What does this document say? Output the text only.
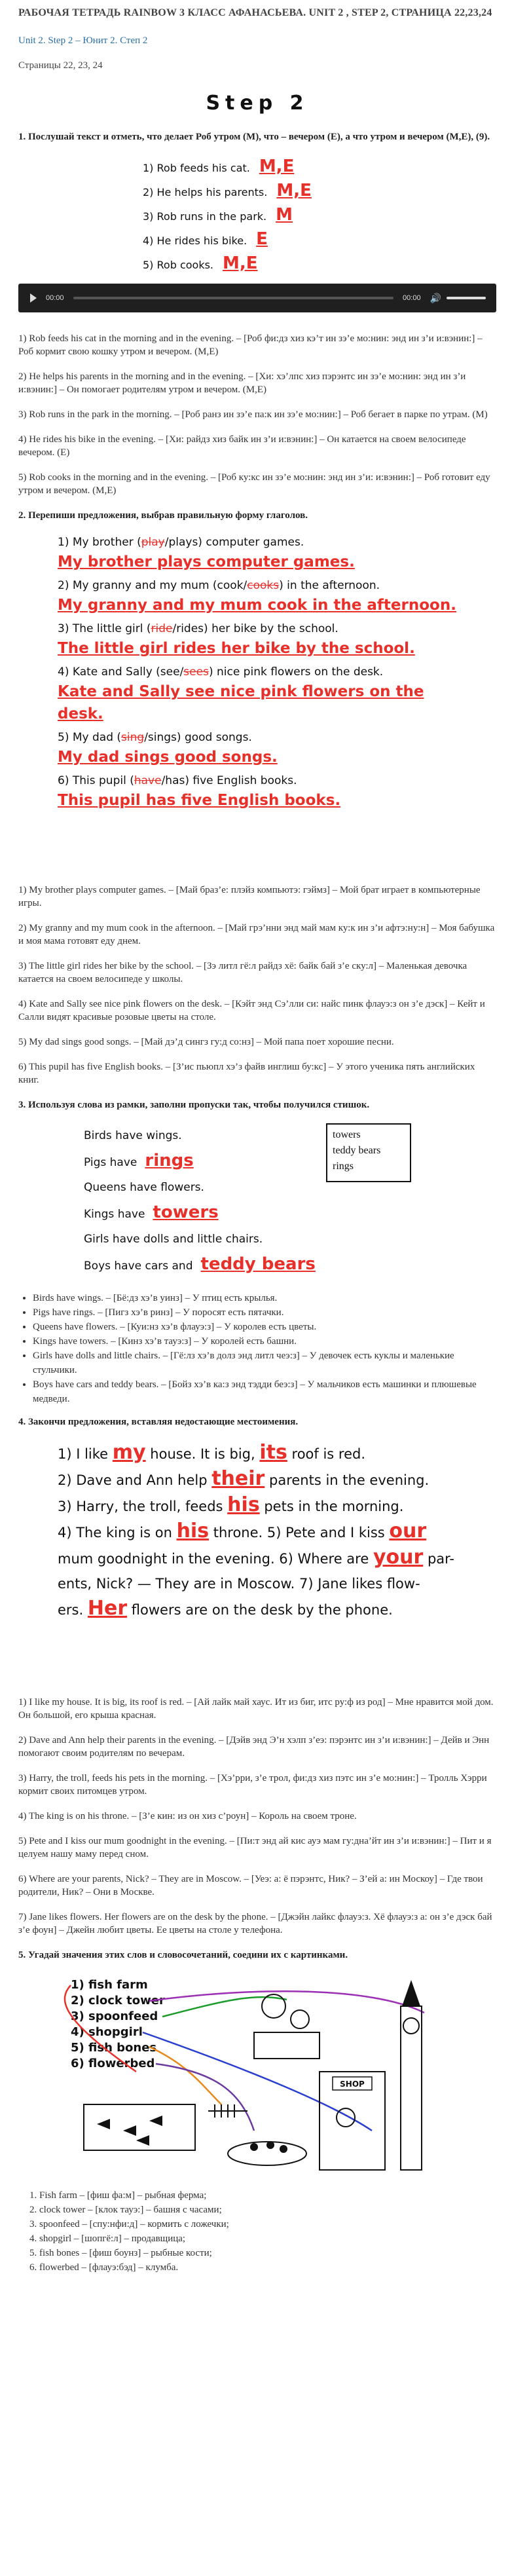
РАБОЧАЯ ТЕТРАДЬ RAINBOW 3 КЛАСС АФАНАСЬЕВА. UNIT 2 , STEP 2, СТРАНИЦА 22,23,24
Unit 2. Step 2 – Юнит 2. Степ 2
Страницы 22, 23, 24
Step 2
1. Послушай текст и отметь, что делает Роб утром (M), что – вечером (E), а что утром и вечером (M,E), (9).
1) Rob feeds his cat. M,E
2) He helps his parents. M,E
3) Rob runs in the park. M
4) He rides his bike. E
5) Rob cooks. M,E
00:00	00:00 🔊

1) Rob feeds his cat in the morning and in the evening. – [Роб фи:дз хиз кэ’т ин зэ’е мо:нин: энд ин з’и и:вэнин:] – Роб кормит свою кошку утром и вечером. (M,E)

2) He helps his parents in the morning and in the evening. – [Хи: хэ’лпс хиз пэрэнтс ин зэ’е мо:нин: энд ин з’и и:вэнин:] – Он помогает родителям утром и вечером. (M,E)

3) Rob runs in the park in the morning. – [Роб ранз ин зэ’е па:к ин зэ’е мо:нин:] – Роб бегает в парке по утрам. (M)

4) He rides his bike in the evening. – [Хи: райдз хиз байк ин з’и и:вэнин:] – Он катается на своем велосипеде вечером. (E)

5) Rob cooks in the morning and in the evening. – [Роб ку:кс ин зэ’е мо:нин: энд ин з’и: и:вэнин:] – Роб готовит еду утром и вечером. (M,E)

2. Перепиши предложения, выбрав правильную форму глаголов.
1) My brother (play/plays) computer games.
My brother plays computer games.
2) My granny and my mum (cook/cooks) in the afternoon.
My granny and my mum cook in the afternoon.
3) The little girl (ride/rides) her bike by the school.
The little girl rides her bike by the school.
4) Kate and Sally (see/sees) nice pink flowers on the desk.
Kate and Sally see nice pink flowers on the desk.
5) My dad (sing/sings) good songs.
My dad sings good songs.
6) This pupil (have/has) five English books.
This pupil has five English books.

1) My brother plays computer games. – [Май браз’е: плэйз компьютэ: гэймз] – Мой брат играет в компьютерные игры.

2) My granny and my mum cook in the afternoon. – [Май грэ’нни энд май мам ку:к ин з’и афтэ:ну:н] – Моя бабушка и моя мама готовят еду днем.

3) The little girl rides her bike by the school. – [Зэ литл гё:л райдз хё: байк бай з’е ску:л] – Маленькая девочка катается на своем велосипеде у школы.

4) Kate and Sally see nice pink flowers on the desk. – [Кэйт энд Сэ’лли си: найс пинк флауэ:з он з’е дэск] – Кейт и Салли видят красивые розовые цветы на столе.

5) My dad sings good songs. – [Май дэ’д сингз гу:д со:нз] – Мой папа поет хорошие песни.

6) This pupil has five English books. – [З’ис пьюпл хэ’з файв инглиш бу:кс] – У этого ученика пять английских книг.

3. Используя слова из рамки, заполни пропуски так, чтобы получился стишок.
Birds have wings.
Pigs have rings
Queens have flowers.
Kings have towers
Girls have dolls and little chairs.
Boys have cars and teddy bears
towers
teddy bears
rings
• Birds have wings. – [Бё:дз хэ’в уинз] – У птиц есть крылья.
• Pigs have rings. – [Пигз хэ’в ринз] – У поросят есть пятачки.
• Queens have flowers. – [Куи:нз хэ’в флауэ:з] – У королев есть цветы.
• Kings have towers. – [Кинз хэ’в тауэ:з] – У королей есть башни.
• Girls have dolls and little chairs. – [Гё:лз хэ’в долз энд литл чеэ:з] – У девочек есть куклы и маленькие стульчики.
• Boys have cars and teddy bears. – [Бойз хэ’в ка:з энд тэдди беэ:з] – У мальчиков есть машинки и плюшевые медведи.
4. Закончи предложения, вставляя недостающие местоимения.
1) I like my house. It is big, its roof is red.
2) Dave and Ann help their parents in the evening.
3) Harry, the troll, feeds his pets in the morning.
4) The king is on his throne. 5) Pete and I kiss our
mum goodnight in the evening. 6) Where are your par-
ents, Nick? — They are in Moscow. 7) Jane likes flow-
ers. Her flowers are on the desk by the phone.

1) I like my house. It is big, its roof is red. – [Ай лайк май хаус. Ит из биг, итс ру:ф из род] – Мне нравится мой дом. Он большой, его крыша красная.

2) Dave and Ann help their parents in the evening. – [Дэйв энд Э’н хэлп з’еэ: пэрэнтс ин з’и и:вэнин:] – Дейв и Энн помогают своим родителям по вечерам.

3) Harry, the troll, feeds his pets in the morning. – [Хэ’рри, з’е трол, фи:дз хиз пэтс ин з’е мо:нин:] – Тролль Хэрри кормит своих питомцев утром.

4) The king is on his throne. – [З’е кин: из он хиз с’роун] – Король на своем троне.

5) Pete and I kiss our mum goodnight in the evening. – [Пи:т энд ай кис ауэ мам гу:дна’йт ин з’и и:вэнин:] – Пит и я целуем нашу маму перед сном.

6) Where are your parents, Nick? – They are in Moscow. – [Уеэ: а: ё пэрэнтс, Ник? – З’ей а: ин Москоу] – Где твои родители, Ник? – Они в Москве.

7) Jane likes flowers. Her flowers are on the desk by the phone. – [Джэйн лайкс флауэ:з. Хё флауэ:з а: он з’е дэск бай з’е фоун] – Джейн любит цветы. Ее цветы на столе у телефона.

5. Угадай значения этих слов и словосочетаний, соедини их с картинками.
1) fish farm
2) clock tower
3) spoonfeed
4) shopgirl
5) fish bones
6) flowerbed
SHOP
1. Fish farm – [фиш фа:м] – рыбная ферма;
2. clock tower – [клок тауэ:] – башня с часами;
3. spoonfeed – [спу:нфи:д] – кормить с ложечки;
4. shopgirl – [шопгё:л] – продавщица;
5. fish bones – [фиш боунз] – рыбные кости;
6. flowerbed – [флауэ:бэд] – клумба.
